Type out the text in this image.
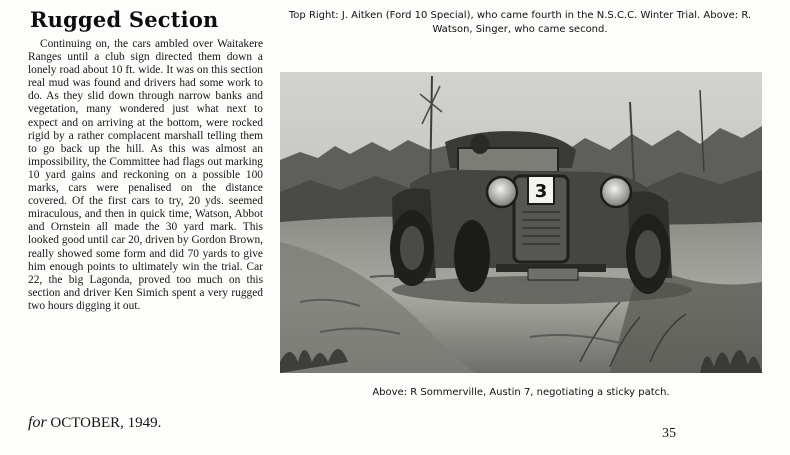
Rugged Section

Continuing on, the cars ambled over Waitakere Ranges until a club sign directed them down a lonely road about 10 ft. wide. It was on this section real mud was found and drivers had some work to do. As they slid down through narrow banks and vegetation, many wondered just what next to expect and on arriving at the bottom, were rocked rigid by a rather complacent marshall telling them to go back up the hill. As this was almost an impossibility, the Committee had flags out marking 10 yard gains and reckoning on a possible 100 marks, cars were penalised on the distance covered. Of the first cars to try, 20 yds. seemed miraculous, and then in quick time, Watson, Abbot and Ornstein all made the 30 yard mark. This looked good until car 20, driven by Gordon Brown, really showed some form and did 70 yards to give him enough points to ultimately win the trial. Car 22, the big Lagonda, proved too much on this section and driver Ken Simich spent a very rugged two hours digging it out.

Top Right: J. Aitken (Ford 10 Special), who came fourth in the N.S.C.C. Winter Trial. Above: R. Watson, Singer, who came second.

3

Above: R Sommerville, Austin 7, negotiating a sticky patch.

for OCTOBER, 1949.
35
